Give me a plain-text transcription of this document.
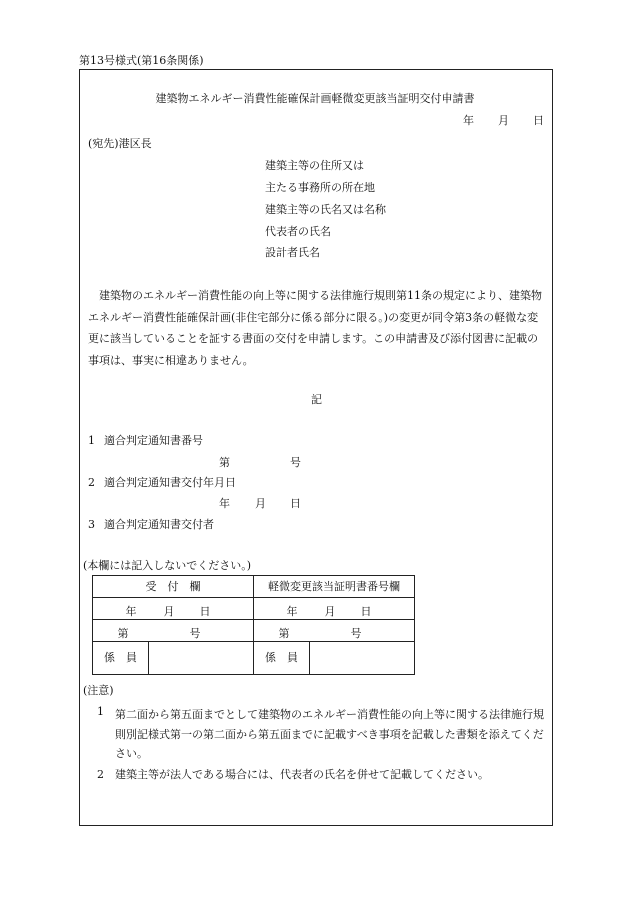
第13号様式(第16条関係)
建築物エネルギー消費性能確保計画軽微変更該当証明交付申請書
年 月 日
(宛先)港区長
建築主等の住所又は
主たる事務所の所在地
建築主等の氏名又は名称
代表者の氏名
設計者氏名
建築物のエネルギー消費性能の向上等に関する法律施行規則第11条の規定により、建築物エネルギー消費性能確保計画(非住宅部分に係る部分に限る。)の変更が同令第3条の軽微な変更に該当していることを証する書面の交付を申請します。この申請書及び添付図書に記載の事項は、事実に相違ありません。
記
1 適合判定通知書番号
第	号
2 適合判定通知書交付年月日
年 月 日
3 適合判定通知書交付者
(本欄には記入しないでください。)
受　付　欄		軽微変更該当証明書番号欄	

年 月 日		年 月 日	

第 号		第 号	

係　員		係　員	
(注意)
1 第二面から第五面までとして建築物のエネルギー消費性能の向上等に関する法律施行規則別記様式第一の第二面から第五面までに記載すべき事項を記載した書類を添えてください。
2 建築主等が法人である場合には、代表者の氏名を併せて記載してください。
